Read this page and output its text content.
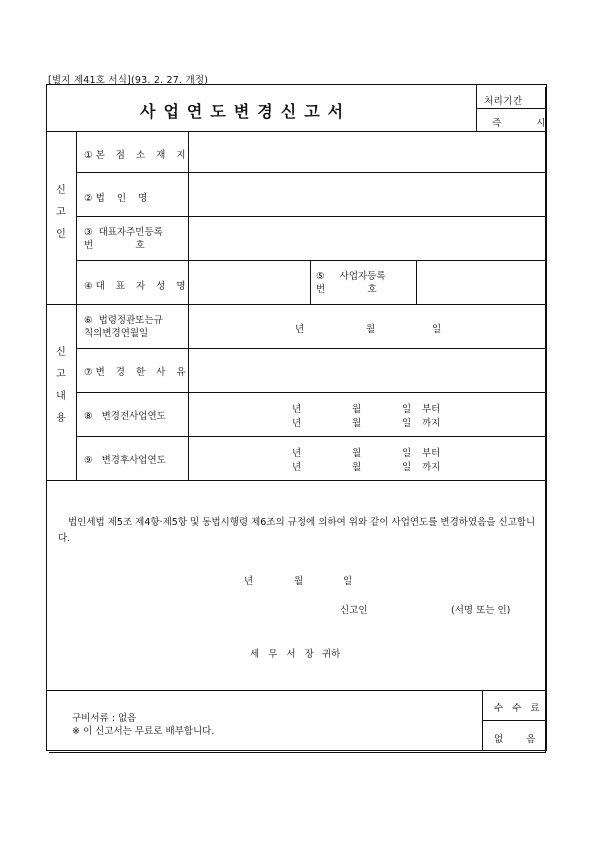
[별지 제41호 서식](93. 2. 27. 개정)
사업연도변경신고서
처리기간
즉 시
신
고
인
① 본 점 소 재 지
② 법    인    명
③ 대표자주민등록
번              호
④ 대 표 자 성 명
⑤ 사업자등록
번              호
신
고
내
용
⑥ 법령정관또는규
칙의변경연월일	년	월	일
⑦ 변 경 한 사 유
⑧ 변경전사업연도
년	월	일 부터
년	월	일 까지
⑨ 변경후사업연도
년	월	일 부터
년	월	일 까지
법인세법 제5조 제4항·제5항 및 동법시행령 제6조의 규정에 의하여 위와 같이 사업연도를 변경하였음을 신고합니다.
년	월	일
신고인	(서명 또는 인)
세 무 서 장 귀하
구비서류 : 없음
※ 이 신고서는 무료로 배부합니다.
수 수 료
없 음
